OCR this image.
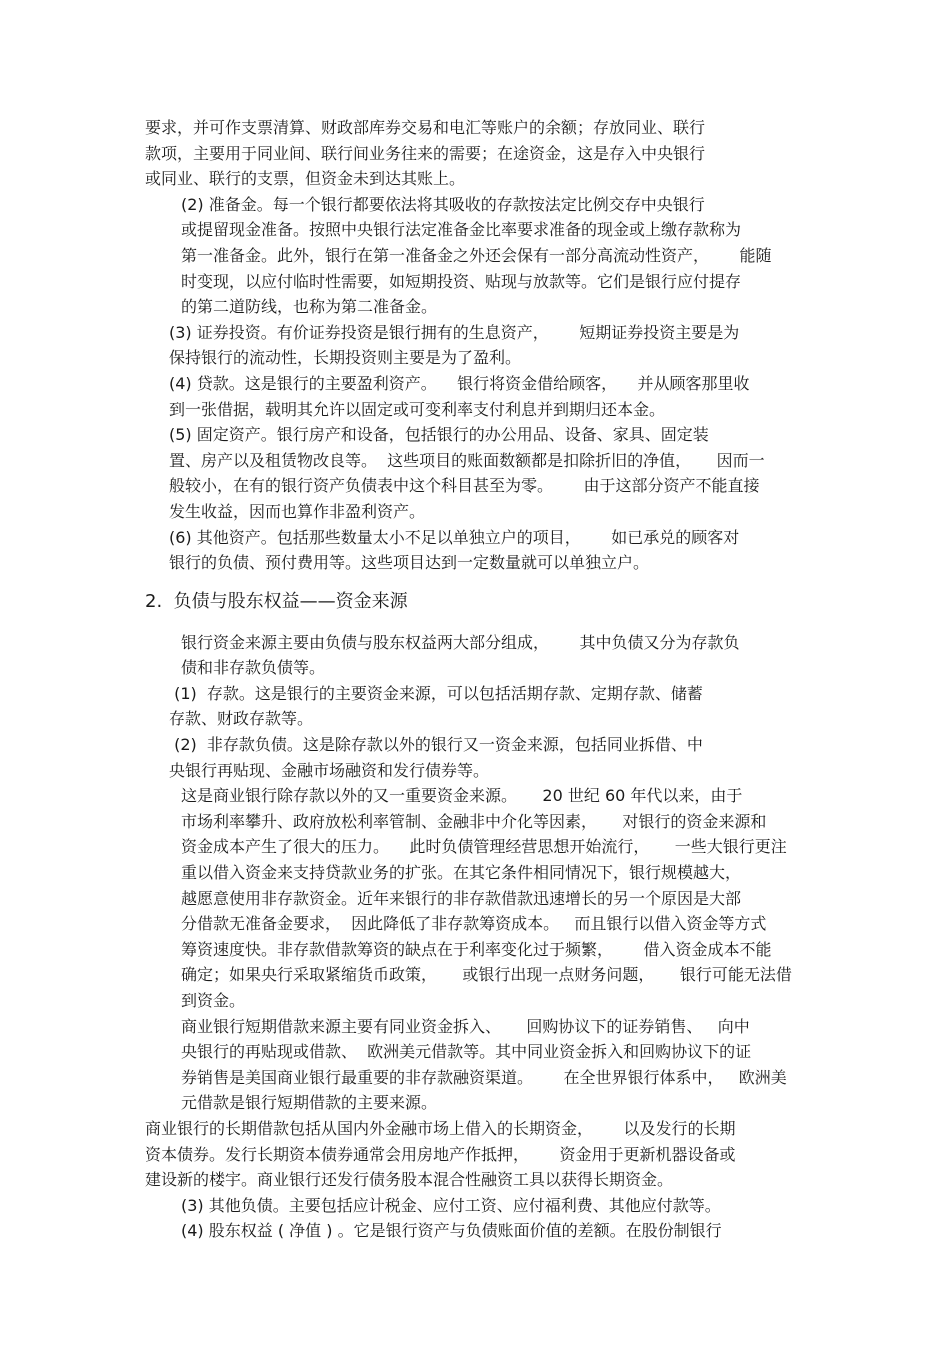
要求，并可作支票清算、财政部库券交易和电汇等账户的余额；存放同业、联行
款项，主要用于同业间、联行间业务往来的需要；在途资金，这是存入中央银行
或同业、联行的支票，但资金未到达其账上。

(2) 准备金。每一个银行都要依法将其吸收的存款按法定比例交存中央银行
或提留现金准备。按照中央银行法定准备金比率要求准备的现金或上缴存款称为
第一准备金。此外，银行在第一准备金之外还会保有一部分高流动性资产，      能随
时变现，以应付临时性需要，如短期投资、贴现与放款等。它们是银行应付提存
的第二道防线，也称为第二准备金。

(3) 证券投资。有价证券投资是银行拥有的生息资产，      短期证券投资主要是为
保持银行的流动性，长期投资则主要是为了盈利。

(4) 贷款。这是银行的主要盈利资产。    银行将资金借给顾客，    并从顾客那里收
到一张借据，载明其允许以固定或可变利率支付利息并到期归还本金。

(5) 固定资产。银行房产和设备，包括银行的办公用品、设备、家具、固定装
置、房产以及租赁物改良等。  这些项目的账面数额都是扣除折旧的净值，     因而一
般较小，在有的银行资产负债表中这个科目甚至为零。      由于这部分资产不能直接
发生收益，因而也算作非盈利资产。

(6) 其他资产。包括那些数量太小不足以单独立户的项目，      如已承兑的顾客对
银行的负债、预付费用等。这些项目达到一定数量就可以单独立户。

2.  负债与股东权益——资金来源

银行资金来源主要由负债与股东权益两大部分组成，      其中负债又分为存款负
债和非存款负债等。

(1)  存款。这是银行的主要资金来源，可以包括活期存款、定期存款、储蓄
存款、财政存款等。

(2)  非存款负债。这是除存款以外的银行又一资金来源，包括同业拆借、中
央银行再贴现、金融市场融资和发行债券等。

这是商业银行除存款以外的又一重要资金来源。     20 世纪 60 年代以来，由于
市场利率攀升、政府放松利率管制、金融非中介化等因素，     对银行的资金来源和
资金成本产生了很大的压力。    此时负债管理经营思想开始流行，     一些大银行更注
重以借入资金来支持贷款业务的扩张。在其它条件相同情况下，银行规模越大，
越愿意使用非存款资金。近年来银行的非存款借款迅速增长的另一个原因是大部
分借款无准备金要求，  因此降低了非存款筹资成本。   而且银行以借入资金等方式
筹资速度快。非存款借款筹资的缺点在于利率变化过于频繁，      借入资金成本不能
确定；如果央行采取紧缩货币政策，     或银行出现一点财务问题，     银行可能无法借
到资金。

商业银行短期借款来源主要有同业资金拆入、     回购协议下的证券销售、   向中
央银行的再贴现或借款、  欧洲美元借款等。其中同业资金拆入和回购协议下的证
券销售是美国商业银行最重要的非存款融资渠道。      在全世界银行体系中，   欧洲美
元借款是银行短期借款的主要来源。

商业银行的长期借款包括从国内外金融市场上借入的长期资金，      以及发行的长期
资本债券。发行长期资本债券通常会用房地产作抵押，      资金用于更新机器设备或
建设新的楼宇。商业银行还发行债务股本混合性融资工具以获得长期资金。

(3) 其他负债。主要包括应计税金、应付工资、应付福利费、其他应付款等。

(4) 股东权益 ( 净值 ) 。它是银行资产与负债账面价值的差额。在股份制银行
